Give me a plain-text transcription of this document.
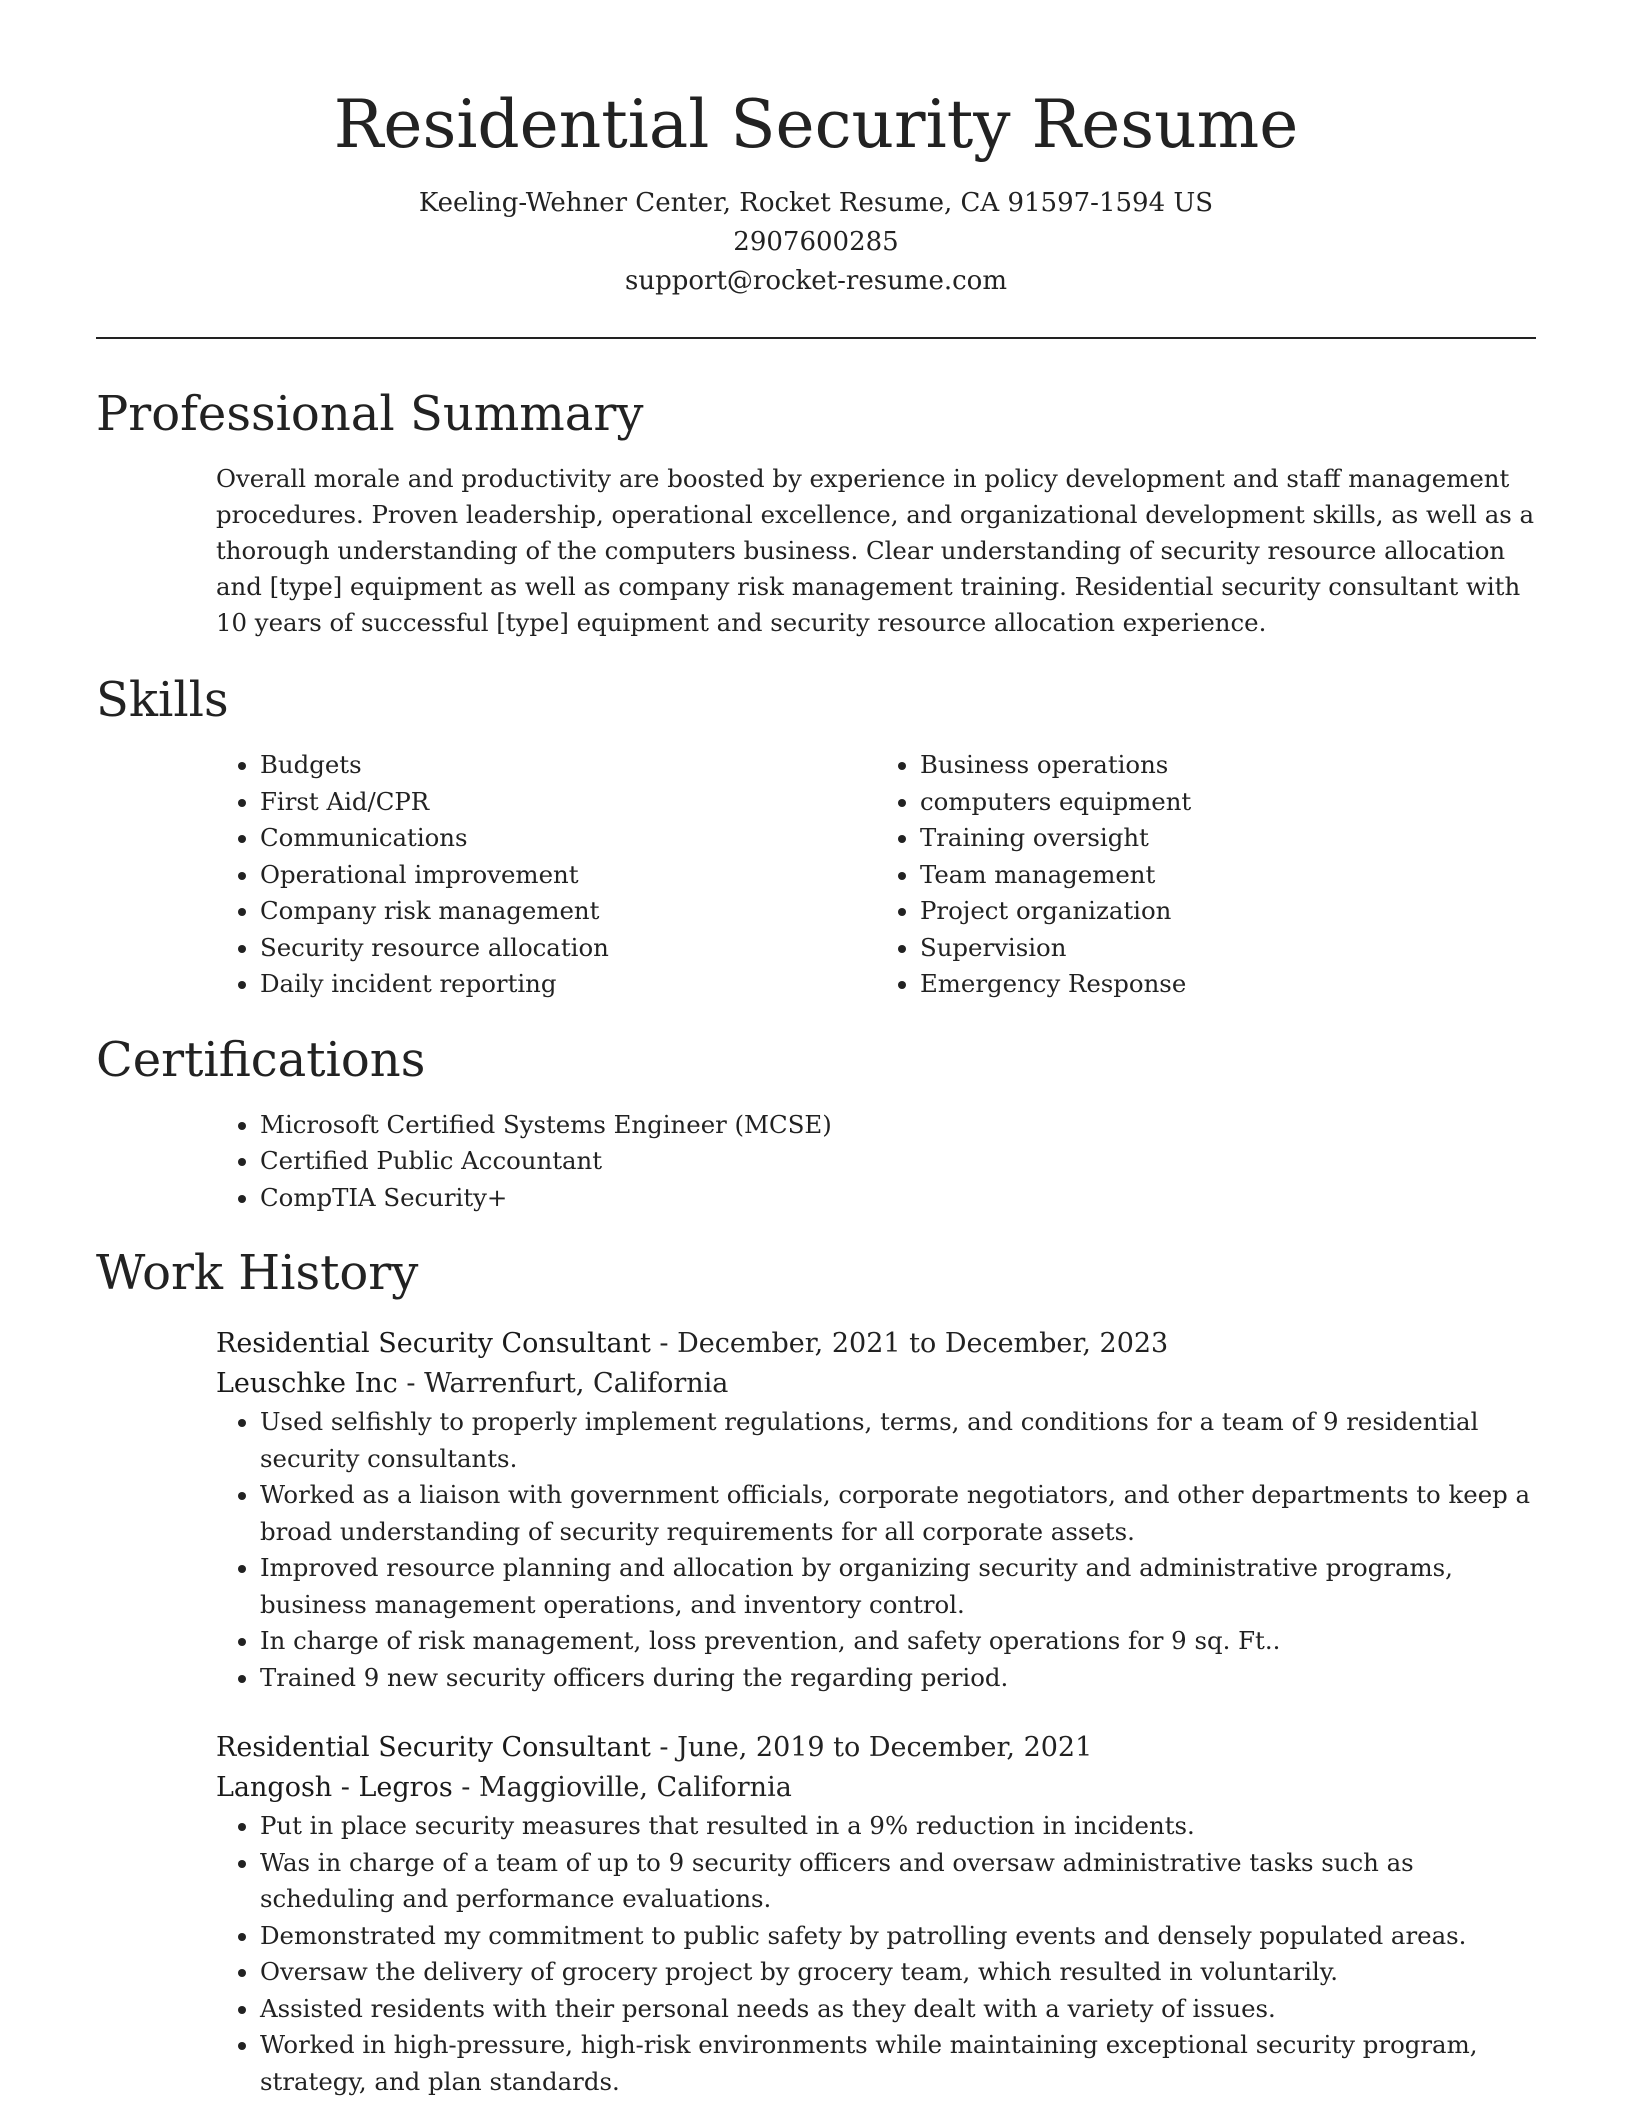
Residential Security Resume
Keeling-Wehner Center, Rocket Resume, CA 91597-1594 US
2907600285
support@rocket-resume.com
Professional Summary

Overall morale and productivity are boosted by experience in policy development and staff management procedures. Proven leadership, operational excellence, and organizational development skills, as well as a thorough understanding of the computers business. Clear understanding of security resource allocation and [type] equipment as well as company risk management training. Residential security consultant with 10 years of successful [type] equipment and security resource allocation experience.

Skills
• Budgets
• First Aid/CPR
• Communications
• Operational improvement
• Company risk management
• Security resource allocation
• Daily incident reporting
• Business operations
• computers equipment
• Training oversight
• Team management
• Project organization
• Supervision
• Emergency Response
Certifications
• Microsoft Certified Systems Engineer (MCSE)
• Certified Public Accountant
• CompTIA Security+
Work History
Residential Security Consultant - December, 2021 to December, 2023
Leuschke Inc - Warrenfurt, California
• Used selfishly to properly implement regulations, terms, and conditions for a team of 9 residential security consultants.
• Worked as a liaison with government officials, corporate negotiators, and other departments to keep a broad understanding of security requirements for all corporate assets.
• Improved resource planning and allocation by organizing security and administrative programs, business management operations, and inventory control.
• In charge of risk management, loss prevention, and safety operations for 9 sq. Ft..
• Trained 9 new security officers during the regarding period.
Residential Security Consultant - June, 2019 to December, 2021
Langosh - Legros - Maggioville, California
• Put in place security measures that resulted in a 9% reduction in incidents.
• Was in charge of a team of up to 9 security officers and oversaw administrative tasks such as scheduling and performance evaluations.
• Demonstrated my commitment to public safety by patrolling events and densely populated areas.
• Oversaw the delivery of grocery project by grocery team, which resulted in voluntarily.
• Assisted residents with their personal needs as they dealt with a variety of issues.
• Worked in high-pressure, high-risk environments while maintaining exceptional security program, strategy, and plan standards.
